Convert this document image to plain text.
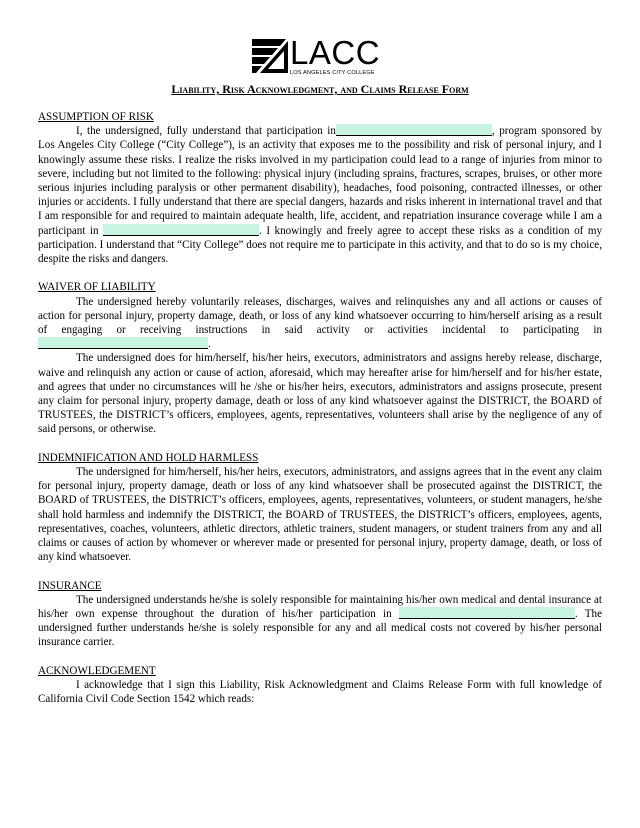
LACC
LOS ANGELES CITY COLLEGE
Liability, Risk Acknowledgment, and Claims Release Form
ASSUMPTION OF RISK

I, the undersigned, fully understand that participation in	, program sponsored by Los Angeles City College (“City College”), is an activity that exposes me to the possibility and risk of personal injury, and I knowingly assume these risks. I realize the risks involved in my participation could lead to a range of injuries from minor to severe, including but not limited to the following: physical injury (including sprains, fractures, scrapes, bruises, or other more serious injuries including paralysis or other permanent disability), headaches, food poisoning, contracted illnesses, or other injuries or accidents. I fully understand that there are special dangers, hazards and risks inherent in international travel and that I am responsible for and required to maintain adequate health, life, accident, and repatriation insurance coverage while I am a participant in	. I knowingly and freely agree to accept these risks as a condition of my participation. I understand that “City College” does not require me to participate in this activity, and that to do so is my choice, despite the risks and dangers.

WAIVER OF LIABILITY

The undersigned hereby voluntarily releases, discharges, waives and relinquishes any and all actions or causes of action for personal injury, property damage, death, or loss of any kind whatsoever occurring to him/herself arising as a result of engaging or receiving instructions in said activity or activities incidental to participating in .

The undersigned does for him/herself, his/her heirs, executors, administrators and assigns hereby release, discharge, waive and relinquish any action or cause of action, aforesaid, which may hereafter arise for him/herself and for his/her estate, and agrees that under no circumstances will he /she or his/her heirs, executors, administrators and assigns prosecute, present any claim for personal injury, property damage, death or loss of any kind whatsoever against the DISTRICT, the BOARD of TRUSTEES, the DISTRICT’s officers, employees, agents, representatives, volunteers shall arise by the negligence of any of said persons, or otherwise.

INDEMNIFICATION AND HOLD HARMLESS

The undersigned for him/herself, his/her heirs, executors, administrators, and assigns agrees that in the event any claim for personal injury, property damage, death or loss of any kind whatsoever shall be prosecuted against the DISTRICT, the BOARD of TRUSTEES, the DISTRICT’s officers, employees, agents, representatives, volunteers, or student managers, he/she shall hold harmless and indemnify the DISTRICT, the BOARD of TRUSTEES, the DISTRICT’s officers, employees, agents, representatives, coaches, volunteers, athletic directors, athletic trainers, student managers, or student trainers from any and all claims or causes of action by whomever or wherever made or presented for personal injury, property damage, death, or loss of any kind whatsoever.

INSURANCE

The undersigned understands he/she is solely responsible for maintaining his/her own medical and dental insurance at his/her own expense throughout the duration of his/her participation in	. The undersigned further understands he/she is solely responsible for any and all medical costs not covered by his/her personal insurance carrier.

ACKNOWLEDGEMENT

I acknowledge that I sign this Liability, Risk Acknowledgment and Claims Release Form with full knowledge of California Civil Code Section 1542 which reads:
